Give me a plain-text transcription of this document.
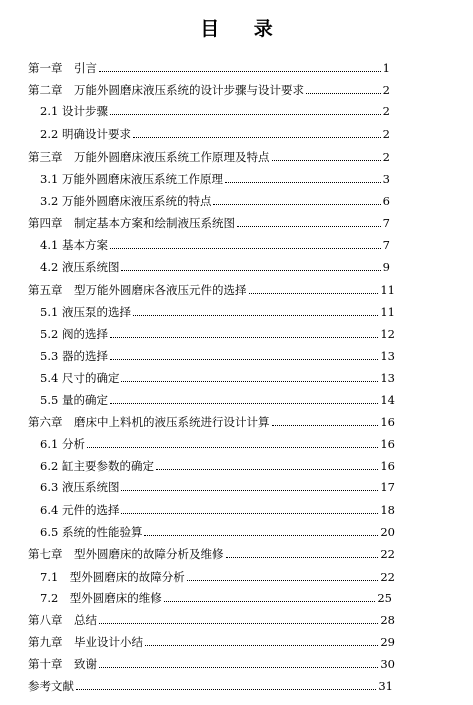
目 录
第一章　引言	1
第二章　万能外圆磨床液压系统的设计步骤与设计要求	2
2.1 设计步骤	2
2.2 明确设计要求	2
第三章　万能外圆磨床液压系统工作原理及特点	2
3.1 万能外圆磨床液压系统工作原理	3
3.2 万能外圆磨床液压系统的特点	6
第四章　制定基本方案和绘制液压系统图	7
4.1 基本方案	7
4.2 液压系统图	9
第五章　型万能外圆磨床各液压元件的选择	11
5.1 液压泵的选择	11
5.2 阀的选择	12
5.3 器的选择	13
5.4 尺寸的确定	13
5.5 量的确定	14
第六章　磨床中上料机的液压系统进行设计计算	16
6.1 分析	16
6.2 缸主要参数的确定	16
6.3 液压系统图	17
6.4 元件的选择	18
6.5 系统的性能验算	20
第七章　型外圆磨床的故障分析及维修	22
7.1　型外圆磨床的故障分析	22
7.2　型外圆磨床的维修	25
第八章　总结	28
第九章　毕业设计小结	29
第十章　致谢	30
参考文献	31
